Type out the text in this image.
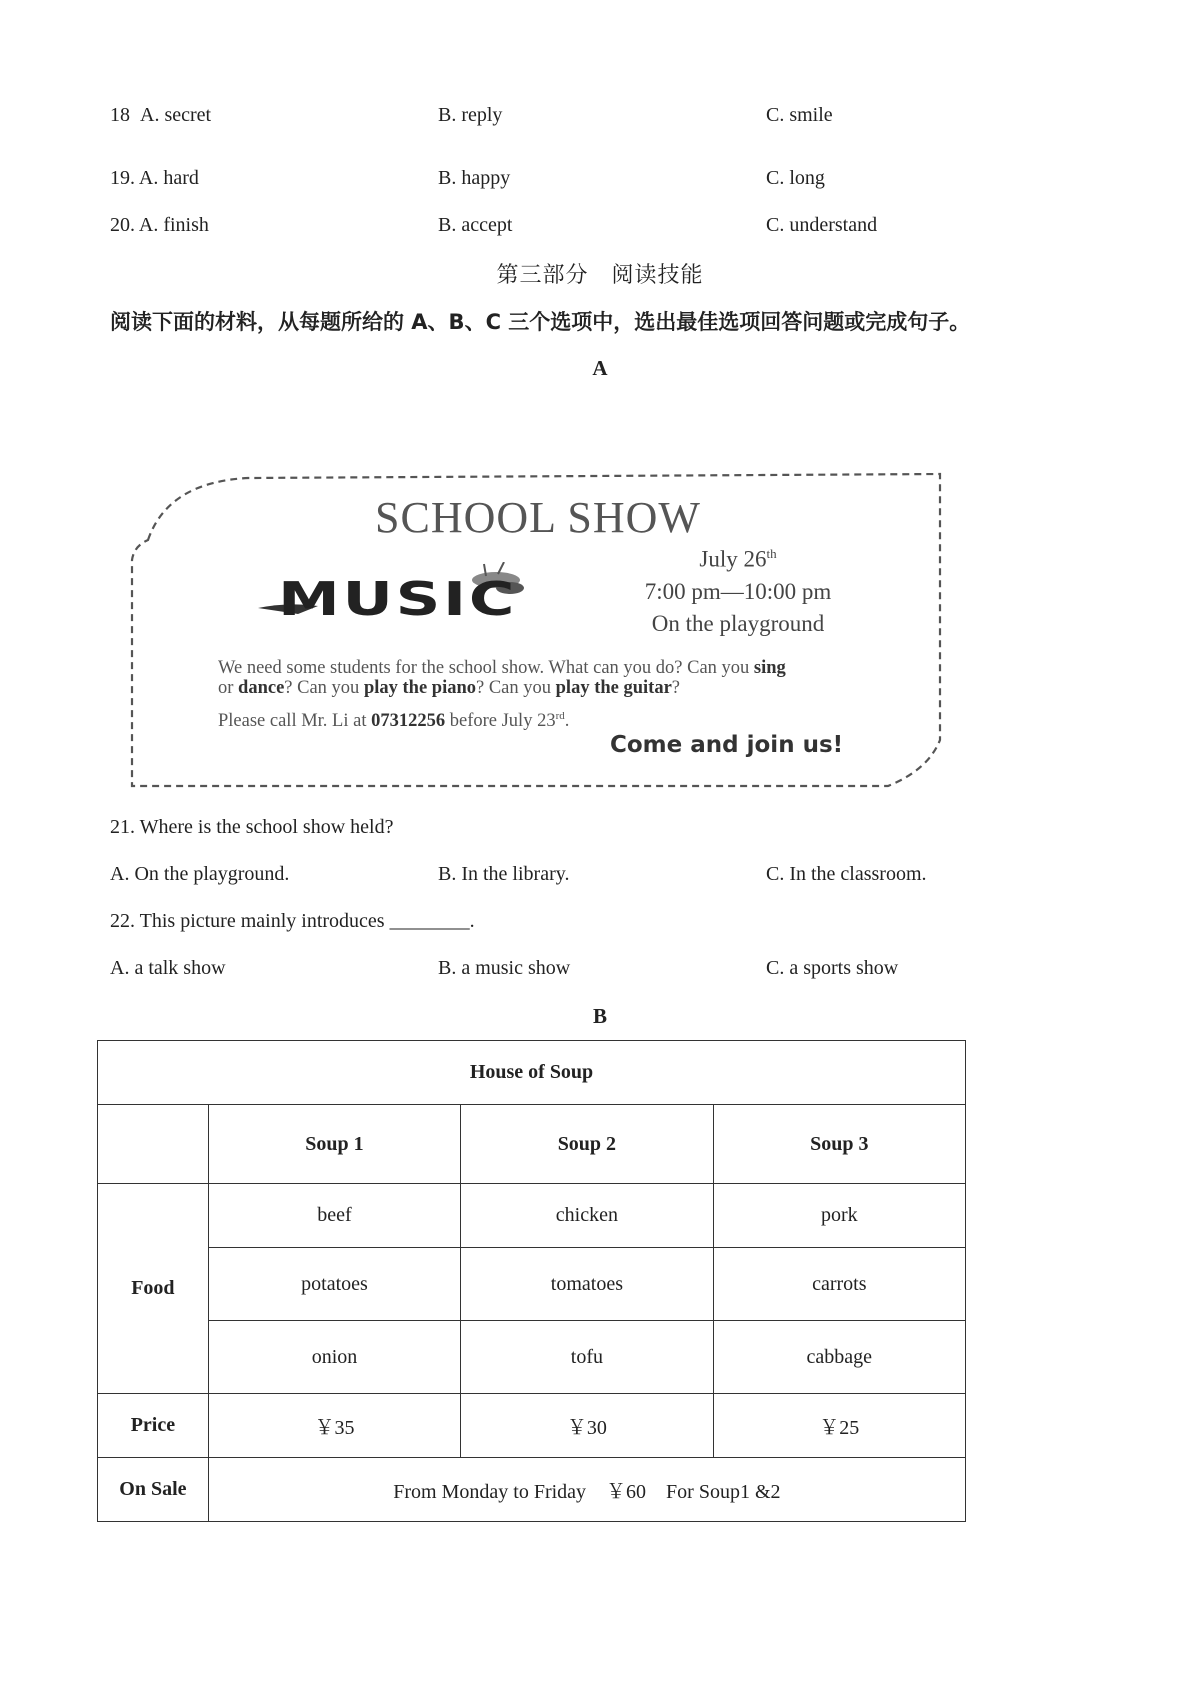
18 A. secret	B. reply	C. smile
19. A. hard	B. happy	C. long
20. A. finish	B. accept	C. understand
第三部分　阅读技能
阅读下面的材料，从每题所给的 A、B、C 三个选项中，选出最佳选项回答问题或完成句子。
A
SCHOOL SHOW
July 26th
7:00 pm—10:00 pm
On the playground
MUSIC
We need some students for the school show. What can you do? Can you sing
or dance? Can you play the piano? Can you play the guitar?
Please call Mr. Li at 07312256 before July 23rd.
Come and join us!
21. Where is the school show held?
A. On the playground.	B. In the library.	C. In the classroom.
22. This picture mainly introduces ________.
A. a talk show	B. a music show	C. a sports show
B
House of Soup			
	Soup 1	Soup 2	Soup 3
Food	beef	chicken	pork
	potatoes	tomatoes	carrots
	onion	tofu	cabbage
Price	￥35	￥30	￥25
On Sale	From Monday to Friday　￥60　For Soup1 &2		
